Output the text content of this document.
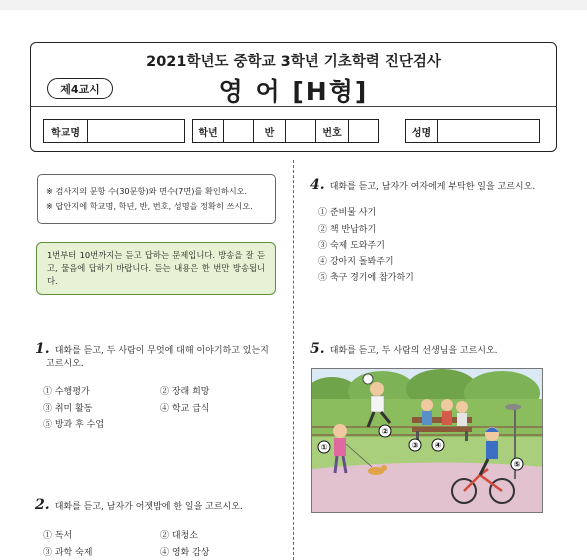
2021학년도 중학교 3학년 기초학력 진단검사
제4교시	영 어 [H형]
학교명	학년	반	번호	성명
※ 검사지의 문항 수(30문항)와 면수(7면)를 확인하시오.
※ 답안지에 학교명, 학년, 반, 번호, 성명을 정확히 쓰시오.
1번부터 10번까지는 듣고 답하는 문제입니다. 방송을 잘 듣고, 물음에 답하기 바랍니다. 듣는 내용은 한 번만 방송됩니다.
1. 대화를 듣고, 두 사람이 무엇에 대해 이야기하고 있는지
고르시오.
① 수행평가	② 장래 희망
③ 취미 활동	④ 학교 급식
⑤ 방과 후 수업
2. 대화를 듣고, 남자가 어젯밤에 한 일을 고르시오.
① 독서	② 대청소
③ 과학 숙제	④ 영화 감상
4. 대화를 듣고, 남자가 여자에게 부탁한 일을 고르시오.
① 준비물 사기
② 책 반납하기
③ 숙제 도와주기
④ 강아지 돌봐주기
⑤ 축구 경기에 참가하기
5. 대화를 듣고, 두 사람의 선생님을 고르시오.
①
②
③ ④
⑤
